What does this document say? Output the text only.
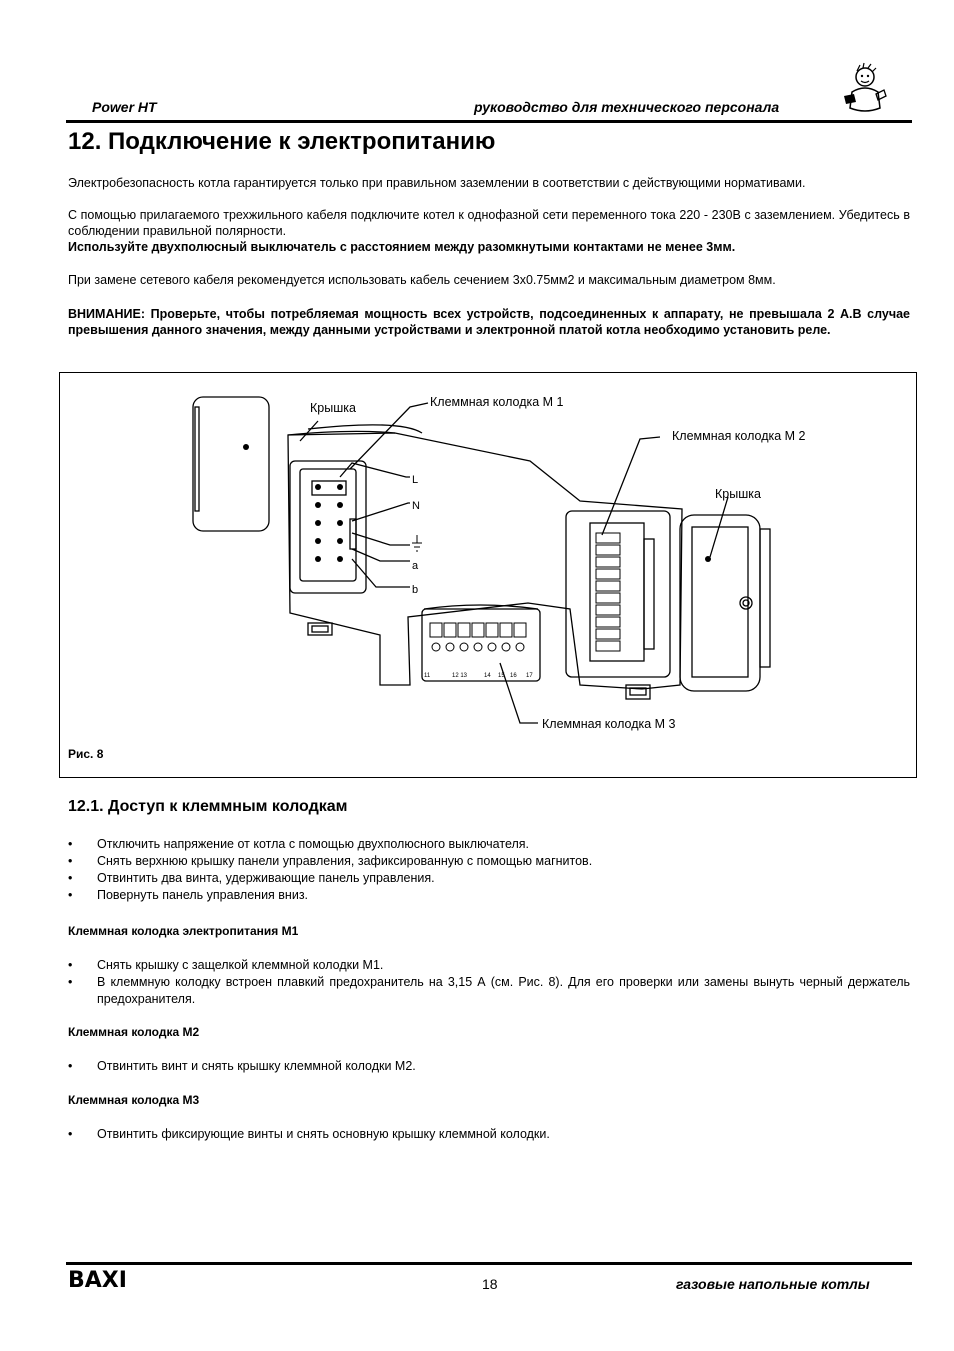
Power HT	руководство для технического персонала
12. Подключение к электропитанию

Электробезопасность котла гарантируется только при правильном заземлении в соответствии с действующими нормативами.

С помощью прилагаемого трехжильного кабеля подключите котел к однофазной сети переменного тока 220 - 230В с заземлением. Убедитесь в соблюдении правильной полярности.

Используйте двухполюсный выключатель с расстоянием между разомкнутыми контактами не менее 3мм.

При замене сетевого кабеля рекомендуется использовать кабель сечением 3x0.75мм2 и максимальным диаметром 8мм.

ВНИМАНИЕ: Проверьте, чтобы потребляемая мощность всех устройств, подсоединенных к аппарату, не превышала 2 А.В случае превышения данного значения, между данными устройствами и электронной платой котла необходимо установить реле.

L
N
a
b
11	12 13	14 15 16 17
Крышка	Клеммная колодка М 1
Клеммная колодка М 2
Крышка
Клеммная колодка М 3
Рис. 8
12.1. Доступ к клеммным колодкам
• Отключить напряжение от котла с помощью двухполюсного выключателя.
• Снять верхнюю крышку панели управления, зафиксированную с помощью магнитов.
• Отвинтить два винта, удерживающие панель управления.
• Повернуть панель управления вниз.
Клеммная колодка электропитания М1
• Снять крышку с защелкой клеммной колодки М1.
• В клеммную колодку встроен плавкий предохранитель на 3,15 А (см. Рис. 8). Для его проверки или замены вынуть черный держатель предохранителя.
Клеммная колодка М2
• Отвинтить винт и снять крышку клеммной колодки М2.
Клеммная колодка М3
• Отвинтить фиксирующие винты и снять основную крышку клеммной колодки.
BAXI	18	газовые напольные котлы
